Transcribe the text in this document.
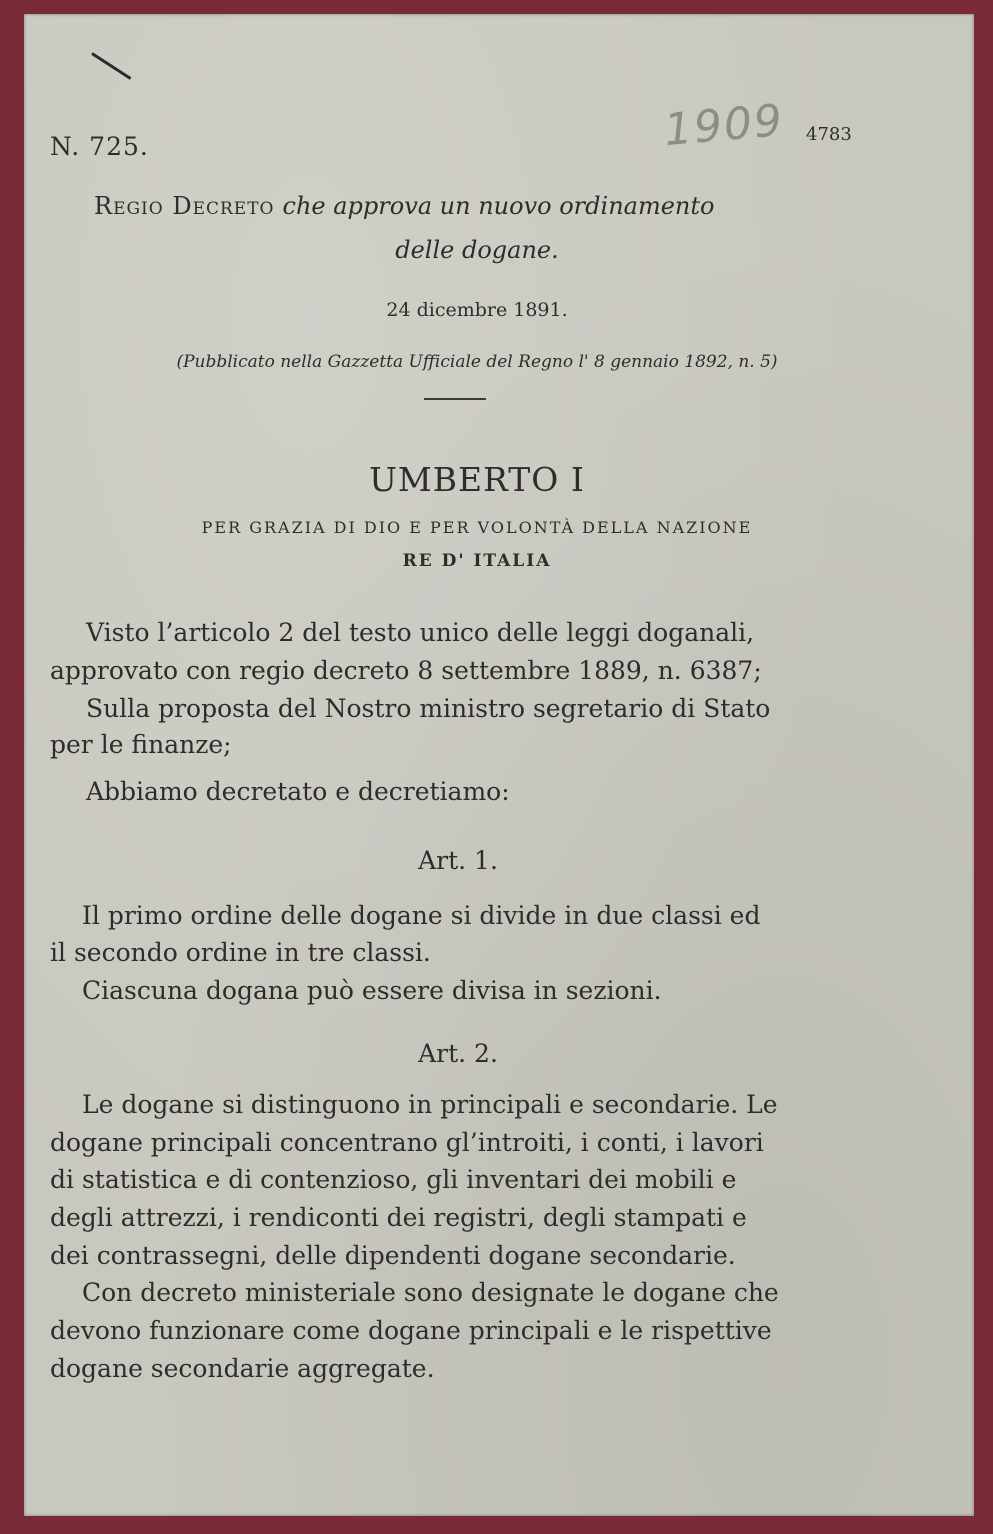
N. 725.	1909 4783
Regio Decreto che approva un nuovo ordinamento
delle dogane.
24 dicembre 1891.
(Pubblicato nella Gazzetta Ufficiale del Regno l' 8 gennaio 1892, n. 5)
UMBERTO I
PER GRAZIA DI DIO E PER VOLONTÀ DELLA NAZIONE
RE D' ITALIA
Visto l’articolo 2 del testo unico delle leggi doganali,
approvato con regio decreto 8 settembre 1889, n. 6387;
Sulla proposta del Nostro ministro segretario di Stato
per le finanze;
Abbiamo decretato e decretiamo:
Art. 1.
Il primo ordine delle dogane si divide in due classi ed
il secondo ordine in tre classi.
Ciascuna dogana può essere divisa in sezioni.
Art. 2.
Le dogane si distinguono in principali e secondarie. Le
dogane principali concentrano gl’introiti, i conti, i lavori
di statistica e di contenzioso, gli inventari dei mobili e
degli attrezzi, i rendiconti dei registri, degli stampati e
dei contrassegni, delle dipendenti dogane secondarie.
Con decreto ministeriale sono designate le dogane che
devono funzionare come dogane principali e le rispettive
dogane secondarie aggregate.
